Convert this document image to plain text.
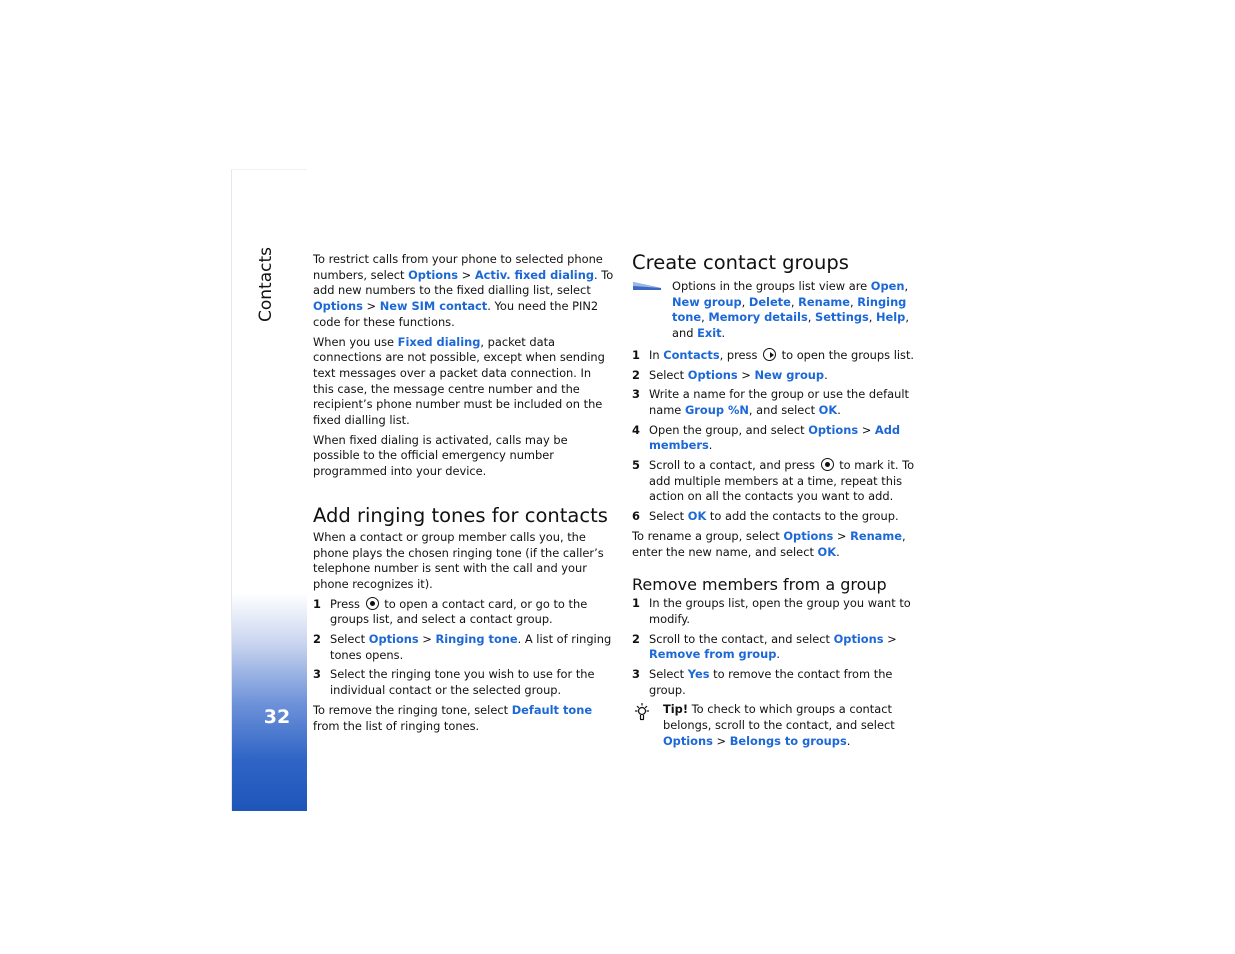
Contacts
32

To restrict calls from your phone to selected phone numbers, select Options > Activ. fixed dialing. To add new numbers to the fixed dialling list, select Options > New SIM contact. You need the PIN2 code for these functions.

When you use Fixed dialing, packet data connections are not possible, except when sending text messages over a packet data connection. In this case, the message centre number and the recipient’s phone number must be included on the fixed dialling list.

When fixed dialing is activated, calls may be possible to the official emergency number programmed into your device.

Add ringing tones for contacts

When a contact or group member calls you, the phone plays the chosen ringing tone (if the caller’s telephone number is sent with the call and your phone recognizes it).

1 Press  to open a contact card, or go to the groups list, and select a contact group.
2 Select Options > Ringing tone. A list of ringing tones opens.
3 Select the ringing tone you wish to use for the individual contact or the selected group.

To remove the ringing tone, select Default tone from the list of ringing tones.

Create contact groups
Options in the groups list view are Open, New group, Delete, Rename, Ringing tone, Memory details, Settings, Help, and Exit.
1 In Contacts, press  to open the groups list.
2 Select Options > New group.
3 Write a name for the group or use the default name Group %N, and select OK.
4 Open the group, and select Options > Add members.
5 Scroll to a contact, and press  to mark it. To add multiple members at a time, repeat this action on all the contacts you want to add.
6 Select OK to add the contacts to the group.

To rename a group, select Options > Rename, enter the new name, and select OK.

Remove members from a group
1 In the groups list, open the group you want to modify.
2 Scroll to the contact, and select Options > Remove from group.
3 Select Yes to remove the contact from the group.
Tip! To check to which groups a contact belongs, scroll to the contact, and select Options > Belongs to groups.
